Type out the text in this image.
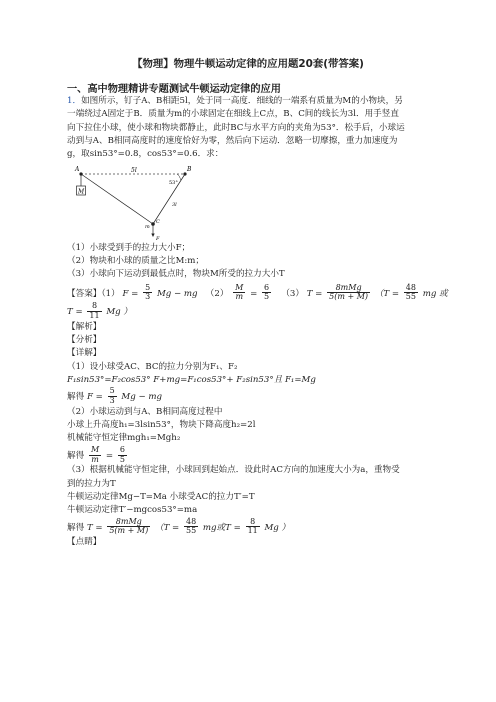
【物理】物理牛顿运动定律的应用题20套(带答案)
一、高中物理精讲专题测试牛顿运动定律的应用

1．如图所示，钉子A、B相距5l，处于同一高度．细线的一端系有质量为M的小物块，另

一端绕过A固定于B．质量为m的小球固定在细线上C点，B、C间的线长为3l．用手竖直

向下拉住小球，使小球和物块都静止，此时BC与水平方向的夹角为53°．松手后，小球运

动到与A、B相同高度时的速度恰好为零，然后向下运动．忽略一切摩擦，重力加速度为

g，取sin53°=0.8，cos53°=0.6．求：

A	B
5l
M
53°
m
C
3l
F

（1）小球受到手的拉力大小F；

（2）物块和小球的质量之比M:m；

（3）小球向下运动到最低点时，物块M所受的拉力大小T

【答案】（1） $F = \frac{5}{3}$ Mg − mg $(2) \frac{M}{m} = \frac{6}{5} (3) T = \frac{\text{8mMg}}{5(m + M)} (T = \frac{48}{55}$ mg 或

$T = \frac{8}{11}$ Mg ）

【解析】

【分析】

【详解】

（1）设小球受AC、BC的拉力分别为F₁、F₂

F₁sin53°=F₂cos53° F+mg=F₁cos53°+ F₂sin53°且 F₁=Mg

解得 $F = \frac{5}{3}$ Mg − mg

（2）小球运动到与A、B相同高度过程中

小球上升高度h₁=3lsin53°，物块下降高度h₂=2l

机械能守恒定律mgh₁=Mgh₂

解得 $\frac{M}{m} = \frac{6}{5}$

（3）根据机械能守恒定律，小球回到起始点．设此时AC方向的加速度大小为a，重物受

到的拉力为T

牛顿运动定律Mg−T=Ma 小球受AC的拉力T′=T

牛顿运动定律T′−mgcos53°=ma

解得 $T = \frac{\text{8mMg}}{5(m + M)} (T = \frac{48}{55}$ mg或$T = \frac{8}{11}$ Mg ）

【点睛】
